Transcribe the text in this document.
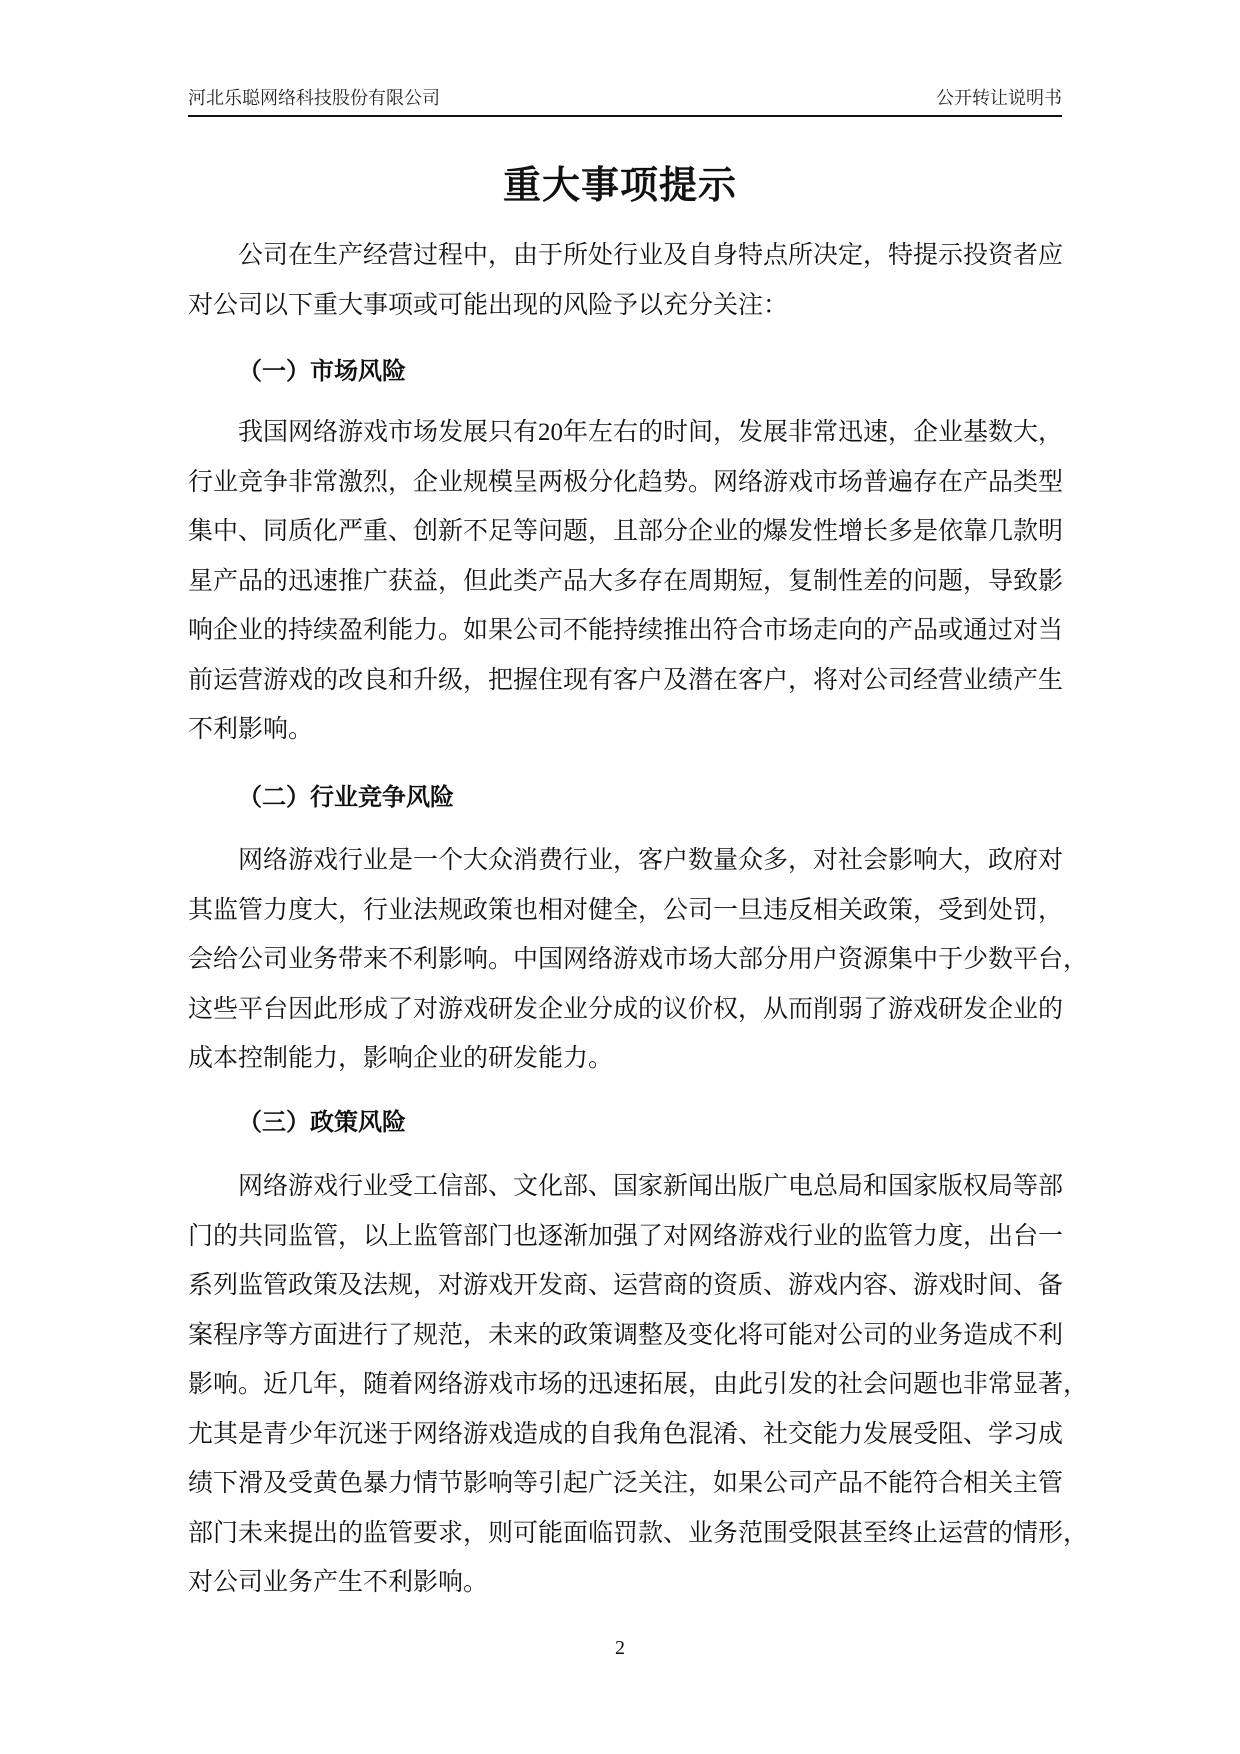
河北乐聪网络科技股份有限公司	公开转让说明书
重大事项提示
公司在生产经营过程中，由于所处行业及自身特点所决定，特提示投资者应
对公司以下重大事项或可能出现的风险予以充分关注：
（一）市场风险
我国网络游戏市场发展只有20年左右的时间，发展非常迅速，企业基数大，
行业竞争非常激烈，企业规模呈两极分化趋势。网络游戏市场普遍存在产品类型
集中、同质化严重、创新不足等问题，且部分企业的爆发性增长多是依靠几款明
星产品的迅速推广获益，但此类产品大多存在周期短，复制性差的问题，导致影
响企业的持续盈利能力。如果公司不能持续推出符合市场走向的产品或通过对当
前运营游戏的改良和升级，把握住现有客户及潜在客户，将对公司经营业绩产生
不利影响。
（二）行业竞争风险
网络游戏行业是一个大众消费行业，客户数量众多，对社会影响大，政府对
其监管力度大，行业法规政策也相对健全，公司一旦违反相关政策，受到处罚，
会给公司业务带来不利影响。中国网络游戏市场大部分用户资源集中于少数平台，
这些平台因此形成了对游戏研发企业分成的议价权，从而削弱了游戏研发企业的
成本控制能力，影响企业的研发能力。
（三）政策风险
网络游戏行业受工信部、文化部、国家新闻出版广电总局和国家版权局等部
门的共同监管，以上监管部门也逐渐加强了对网络游戏行业的监管力度，出台一
系列监管政策及法规，对游戏开发商、运营商的资质、游戏内容、游戏时间、备
案程序等方面进行了规范，未来的政策调整及变化将可能对公司的业务造成不利
影响。近几年，随着网络游戏市场的迅速拓展，由此引发的社会问题也非常显著，
尤其是青少年沉迷于网络游戏造成的自我角色混淆、社交能力发展受阻、学习成
绩下滑及受黄色暴力情节影响等引起广泛关注，如果公司产品不能符合相关主管
部门未来提出的监管要求，则可能面临罚款、业务范围受限甚至终止运营的情形，
对公司业务产生不利影响。
2
